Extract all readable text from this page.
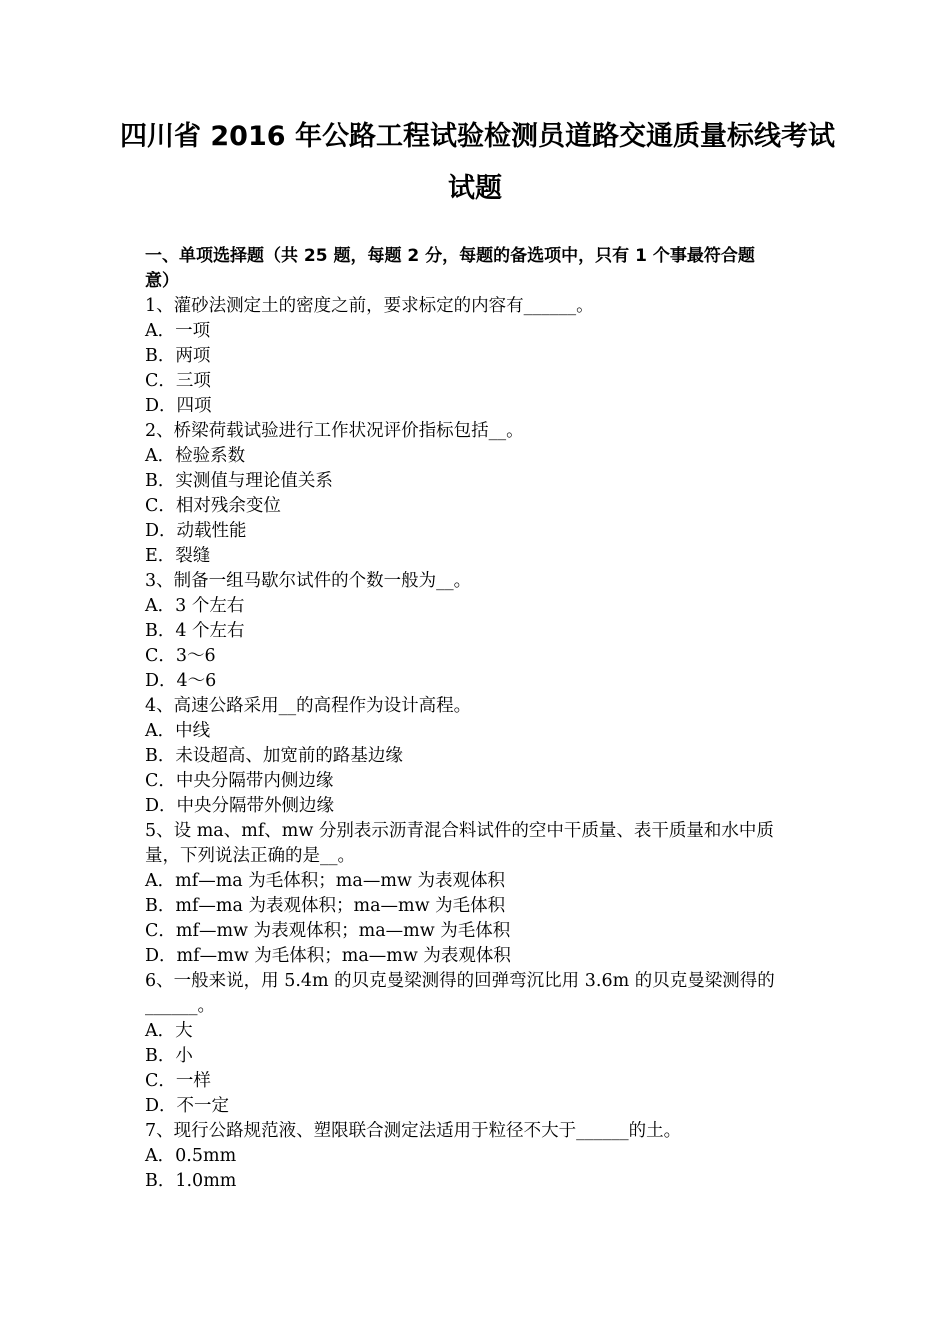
四川省 2016 年公路工程试验检测员道路交通质量标线考试
试题
一、单项选择题（共 25 题，每题 2 分，每题的备选项中，只有 1 个事最符合题
意）
1、灌砂法测定土的密度之前，要求标定的内容有______。
A．一项
B．两项
C．三项
D．四项
2、桥梁荷载试验进行工作状况评价指标包括__。
A．检验系数
B．实测值与理论值关系
C．相对残余变位
D．动载性能
E．裂缝
3、制备一组马歇尔试件的个数一般为__。
A．3 个左右
B．4 个左右
C．3～6
D．4～6
4、高速公路采用__的高程作为设计高程。
A．中线
B．未设超高、加宽前的路基边缘
C．中央分隔带内侧边缘
D．中央分隔带外侧边缘
5、设 ma、mf、mw 分别表示沥青混合料试件的空中干质量、表干质量和水中质
量，下列说法正确的是__。
A．mf—ma 为毛体积；ma—mw 为表观体积
B．mf—ma 为表观体积；ma—mw 为毛体积
C．mf—mw 为表观体积；ma—mw 为毛体积
D．mf—mw 为毛体积；ma—mw 为表观体积
6、一般来说，用 5.4m 的贝克曼梁测得的回弹弯沉比用 3.6m 的贝克曼梁测得的
______。
A．大
B．小
C．一样
D．不一定
7、现行公路规范液、塑限联合测定法适用于粒径不大于______的土。
A．0.5mm
B．1.0mm
